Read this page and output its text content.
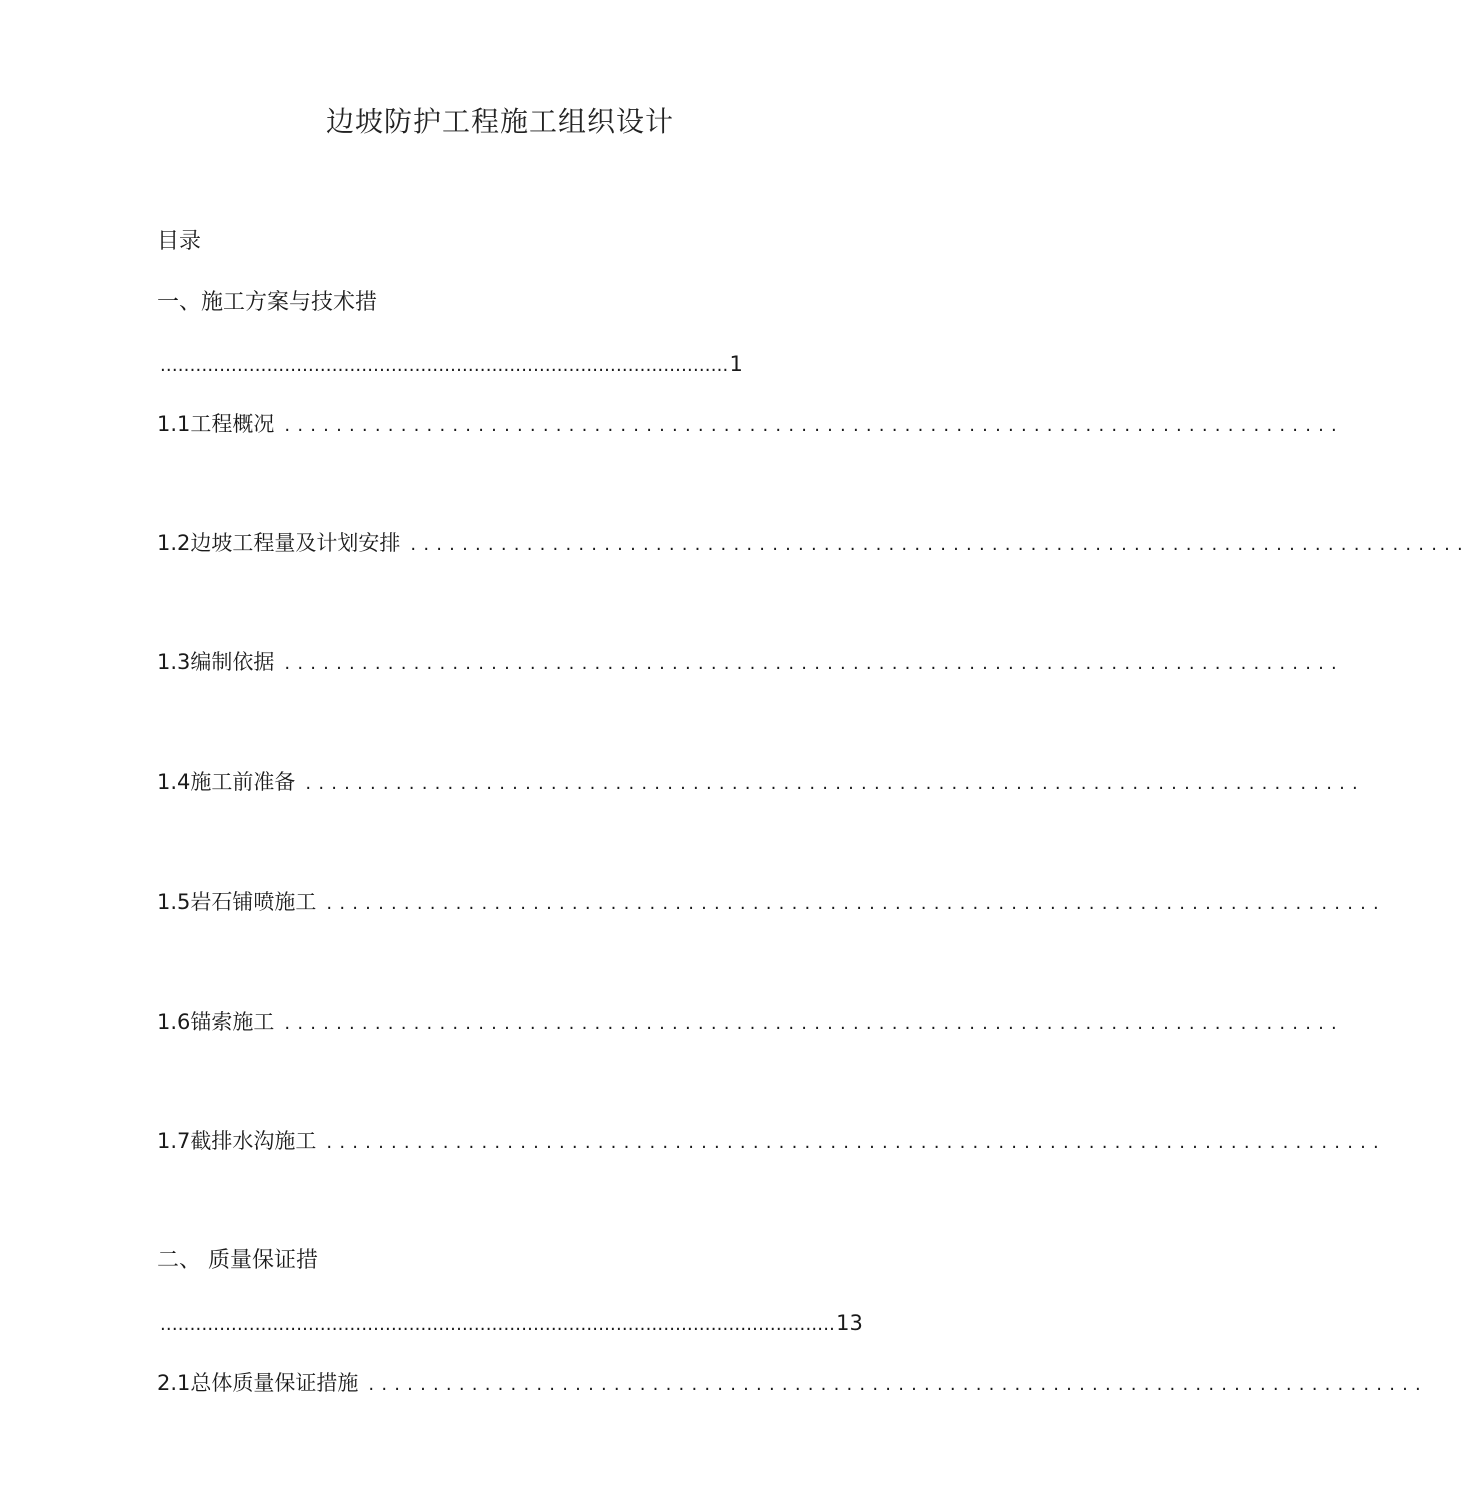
边坡防护工程施工组织设计
目录
一、施工方案与技术措
................................................................................................ 1
1.1工程概况 ..................................................................................
1.2边坡工程量及计划安排 ..................................................................................
1.3编制依据 ..................................................................................
1.4施工前准备 ..................................................................................
1.5岩石铺喷施工 ..................................................................................
1.6锚索施工 ..................................................................................
1.7截排水沟施工 ..................................................................................
二、 质量保证措
.................................................................................................................. 13
2.1总体质量保证措施 ..................................................................................
